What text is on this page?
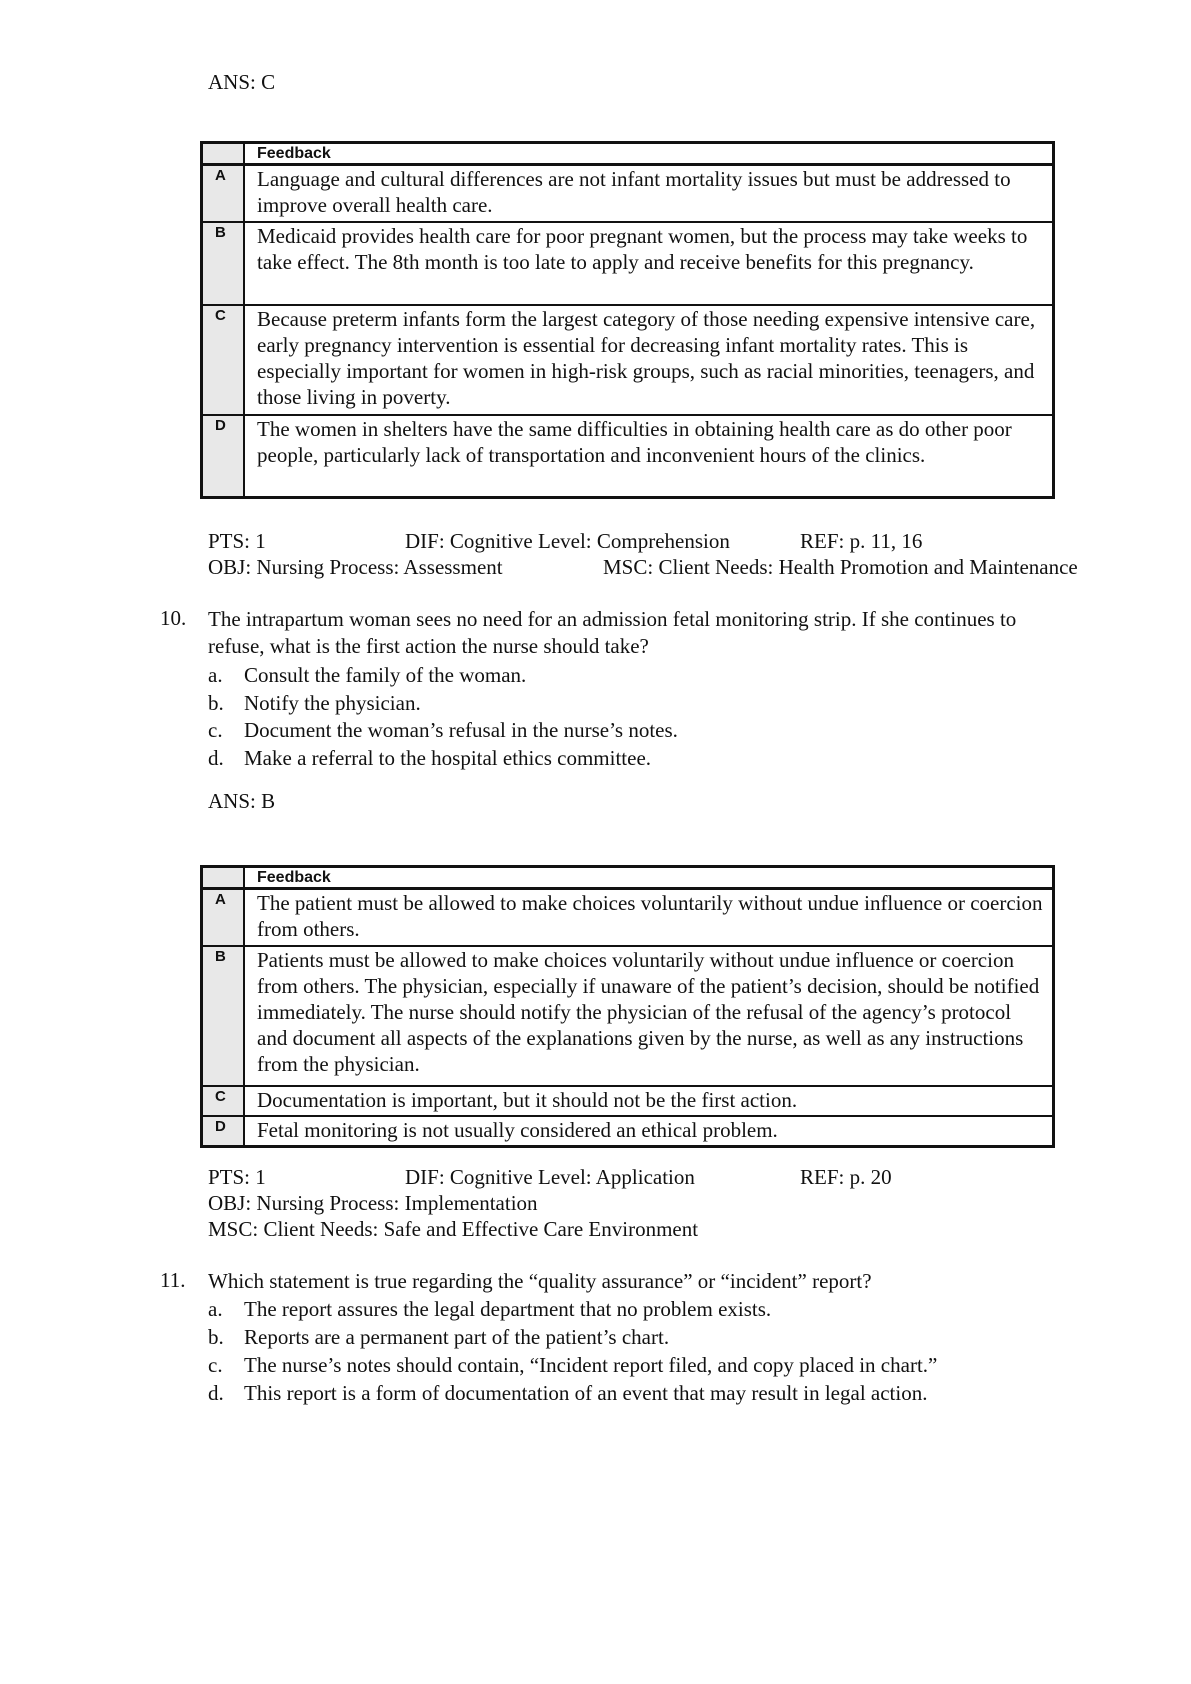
ANS: C
	Feedback
A	Language and cultural differences are not infant mortality issues but must be addressed to improve overall health care.
B	Medicaid provides health care for poor pregnant women, but the process may take weeks to take effect. The 8th month is too late to apply and receive benefits for this pregnancy.
C	Because preterm infants form the largest category of those needing expensive intensive care, early pregnancy intervention is essential for decreasing infant mortality rates. This is especially important for women in high-risk groups, such as racial minorities, teenagers, and those living in poverty.
D	The women in shelters have the same difficulties in obtaining health care as do other poor people, particularly lack of transportation and inconvenient hours of the clinics.
PTS: 1	DIF: Cognitive Level: Comprehension	REF: p. 11, 16
OBJ: Nursing Process: Assessment	MSC: Client Needs: Health Promotion and Maintenance
10. The intrapartum woman sees no need for an admission fetal monitoring strip. If she continues to refuse, what is the first action the nurse should take?
a. Consult the family of the woman.
b. Notify the physician.
c. Document the woman’s refusal in the nurse’s notes.
d. Make a referral to the hospital ethics committee.
ANS: B
	Feedback
A	The patient must be allowed to make choices voluntarily without undue influence or coercion from others.
B	Patients must be allowed to make choices voluntarily without undue influence or coercion from others. The physician, especially if unaware of the patient’s decision, should be notified immediately. The nurse should notify the physician of the refusal of the agency’s protocol and document all aspects of the explanations given by the nurse, as well as any instructions from the physician.
C	Documentation is important, but it should not be the first action.
D	Fetal monitoring is not usually considered an ethical problem.
PTS: 1	DIF: Cognitive Level: Application	REF: p. 20
OBJ: Nursing Process: Implementation
MSC: Client Needs: Safe and Effective Care Environment
11. Which statement is true regarding the “quality assurance” or “incident” report?
a. The report assures the legal department that no problem exists.
b. Reports are a permanent part of the patient’s chart.
c. The nurse’s notes should contain, “Incident report filed, and copy placed in chart.”
d. This report is a form of documentation of an event that may result in legal action.
